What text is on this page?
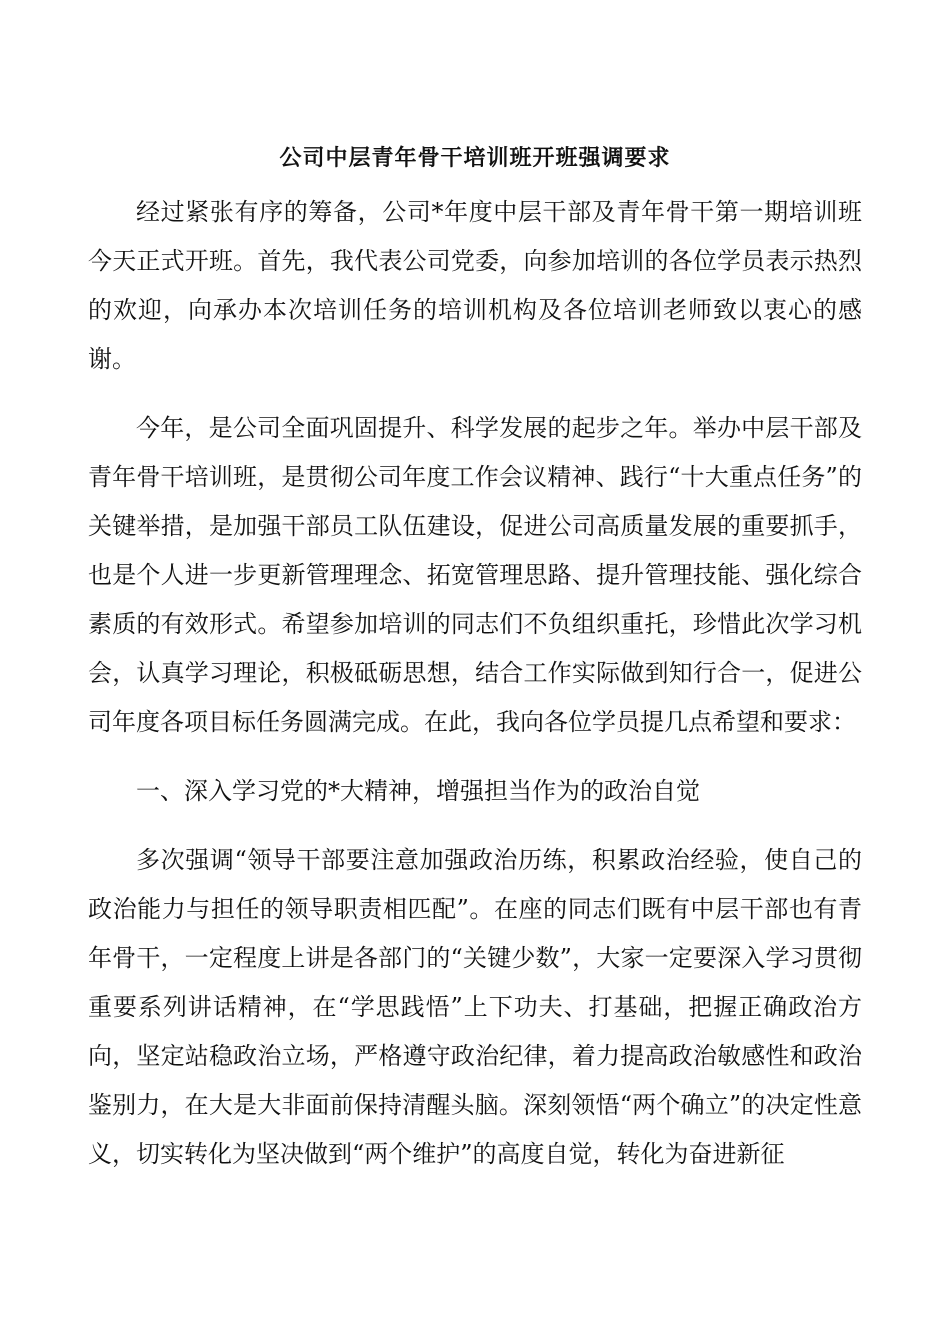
公司中层青年骨干培训班开班强调要求

经过紧张有序的筹备，公司*年度中层干部及青年骨干第一期培训班今天正式开班。首先，我代表公司党委，向参加培训的各位学员表示热烈的欢迎，向承办本次培训任务的培训机构及各位培训老师致以衷心的感谢。

今年，是公司全面巩固提升、科学发展的起步之年。举办中层干部及青年骨干培训班，是贯彻公司年度工作会议精神、践行“十大重点任务”的关键举措，是加强干部员工队伍建设，促进公司高质量发展的重要抓手，也是个人进一步更新管理理念、拓宽管理思路、提升管理技能、强化综合素质的有效形式。希望参加培训的同志们不负组织重托，珍惜此次学习机会，认真学习理论，积极砥砺思想，结合工作实际做到知行合一，促进公司年度各项目标任务圆满完成。在此，我向各位学员提几点希望和要求：

一、深入学习党的*大精神，增强担当作为的政治自觉

多次强调“领导干部要注意加强政治历练，积累政治经验，使自己的政治能力与担任的领导职责相匹配”。在座的同志们既有中层干部也有青年骨干，一定程度上讲是各部门的“关键少数”，大家一定要深入学习贯彻重要系列讲话精神，在“学思践悟”上下功夫、打基础，把握正确政治方向，坚定站稳政治立场，严格遵守政治纪律，着力提高政治敏感性和政治鉴别力，在大是大非面前保持清醒头脑。深刻领悟“两个确立”的决定性意义，切实转化为坚决做到“两个维护”的高度自觉，转化为奋进新征
